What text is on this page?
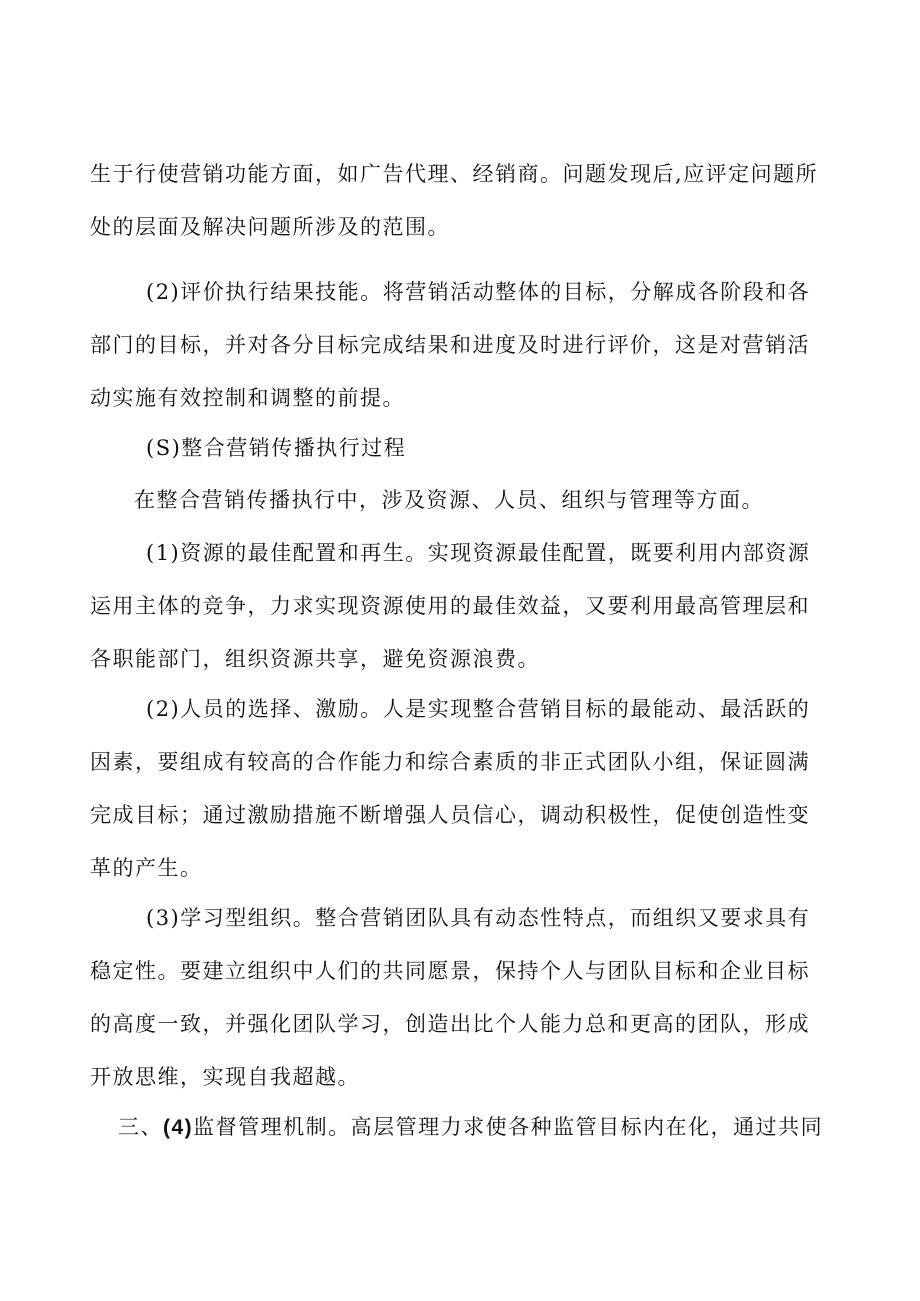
生于行使营销功能方面，如广告代理、经销商。问题发现后,应评定问题所处的层面及解决问题所涉及的范围。

(2)评价执行结果技能。将营销活动整体的目标，分解成各阶段和各部门的目标，并对各分目标完成结果和进度及时进行评价，这是对营销活动实施有效控制和调整的前提。

(S)整合营销传播执行过程

在整合营销传播执行中，涉及资源、人员、组织与管理等方面。

(1)资源的最佳配置和再生。实现资源最佳配置，既要利用内部资源运用主体的竞争，力求实现资源使用的最佳效益，又要利用最高管理层和各职能部门，组织资源共享，避免资源浪费。

(2)人员的选择、激励。人是实现整合营销目标的最能动、最活跃的因素，要组成有较高的合作能力和综合素质的非正式团队小组，保证圆满完成目标；通过激励措施不断增强人员信心，调动积极性，促使创造性变革的产生。

(3)学习型组织。整合营销团队具有动态性特点，而组织又要求具有稳定性。要建立组织中人们的共同愿景，保持个人与团队目标和企业目标的高度一致，并强化团队学习，创造出比个人能力总和更高的团队，形成开放思维，实现自我超越。

三、(4)监督管理机制。高层管理力求使各种监管目标内在化，通过共同
